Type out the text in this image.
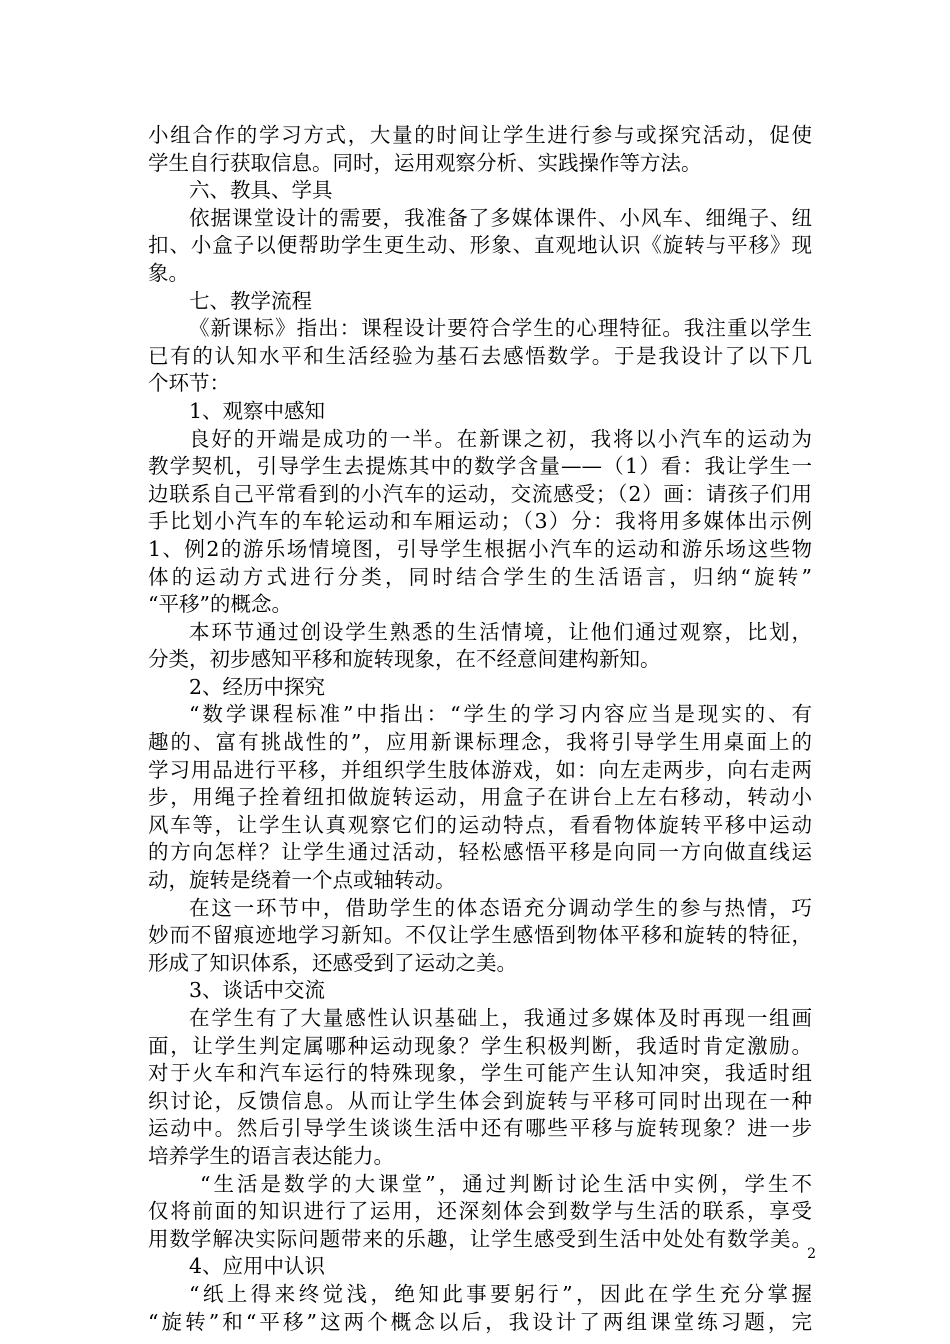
小组合作的学习方式，大量的时间让学生进行参与或探究活动，促使
学生自行获取信息。同时，运用观察分析、实践操作等方法。
六、教具、学具
依据课堂设计的需要，我准备了多媒体课件、小风车、细绳子、纽
扣、小盒子以便帮助学生更生动、形象、直观地认识《旋转与平移》现
象。
七、教学流程
《新课标》指出：课程设计要符合学生的心理特征。我注重以学生
已有的认知水平和生活经验为基石去感悟数学。于是我设计了以下几
个环节：
1、观察中感知
良好的开端是成功的一半。在新课之初，我将以小汽车的运动为
教学契机，引导学生去提炼其中的数学含量——（1）看：我让学生一
边联系自己平常看到的小汽车的运动，交流感受；（2）画：请孩子们用
手比划小汽车的车轮运动和车厢运动；（3）分：我将用多媒体出示例
1、例2的游乐场情境图，引导学生根据小汽车的运动和游乐场这些物
体的运动方式进行分类，同时结合学生的生活语言，归纳“旋转”
“平移”的概念。
本环节通过创设学生熟悉的生活情境，让他们通过观察，比划，
分类，初步感知平移和旋转现象，在不经意间建构新知。
2、经历中探究
“数学课程标准”中指出：“学生的学习内容应当是现实的、有
趣的、富有挑战性的”，应用新课标理念，我将引导学生用桌面上的
学习用品进行平移，并组织学生肢体游戏，如：向左走两步，向右走两
步，用绳子拴着纽扣做旋转运动，用盒子在讲台上左右移动，转动小
风车等，让学生认真观察它们的运动特点，看看物体旋转平移中运动
的方向怎样？让学生通过活动，轻松感悟平移是向同一方向做直线运
动，旋转是绕着一个点或轴转动。
在这一环节中，借助学生的体态语充分调动学生的参与热情，巧
妙而不留痕迹地学习新知。不仅让学生感悟到物体平移和旋转的特征，
形成了知识体系，还感受到了运动之美。
3、谈话中交流
在学生有了大量感性认识基础上，我通过多媒体及时再现一组画
面，让学生判定属哪种运动现象？学生积极判断，我适时肯定激励。
对于火车和汽车运行的特殊现象，学生可能产生认知冲突，我适时组
织讨论，反馈信息。从而让学生体会到旋转与平移可同时出现在一种
运动中。然后引导学生谈谈生活中还有哪些平移与旋转现象？进一步
培养学生的语言表达能力。
“生活是数学的大课堂”，通过判断讨论生活中实例，学生不
仅将前面的知识进行了运用，还深刻体会到数学与生活的联系，享受
用数学解决实际问题带来的乐趣，让学生感受到生活中处处有数学美。
4、应用中认识
“纸上得来终觉浅，绝知此事要躬行”，因此在学生充分掌握
“旋转”和“平移”这两个概念以后，我设计了两组课堂练习题，完
2
